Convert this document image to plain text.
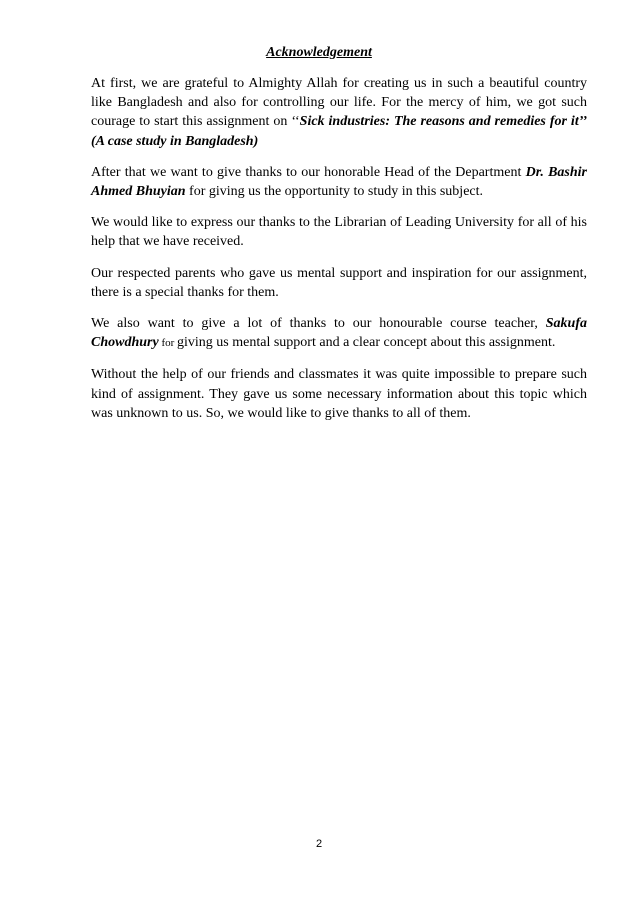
Acknowledgement

At first, we are grateful to Almighty Allah for creating us in such a beautiful country like Bangladesh and also for controlling our life. For the mercy of him, we got such courage to start this assignment on ‘‘Sick industries: The reasons and remedies for it’’ (A case study in Bangladesh)

After that we want to give thanks to our honorable Head of the Department Dr. Bashir Ahmed Bhuyian for giving us the opportunity to study in this subject.

We would like to express our thanks to the Librarian of Leading University for all of his help that we have received.

Our respected parents who gave us mental support and inspiration for our assignment, there is a special thanks for them.

We also want to give a lot of thanks to our honourable course teacher, Sakufa Chowdhury for giving us mental support and a clear concept about this assignment.

Without the help of our friends and classmates it was quite impossible to prepare such kind of assignment. They gave us some necessary information about this topic which was unknown to us. So, we would like to give thanks to all of them.

2
